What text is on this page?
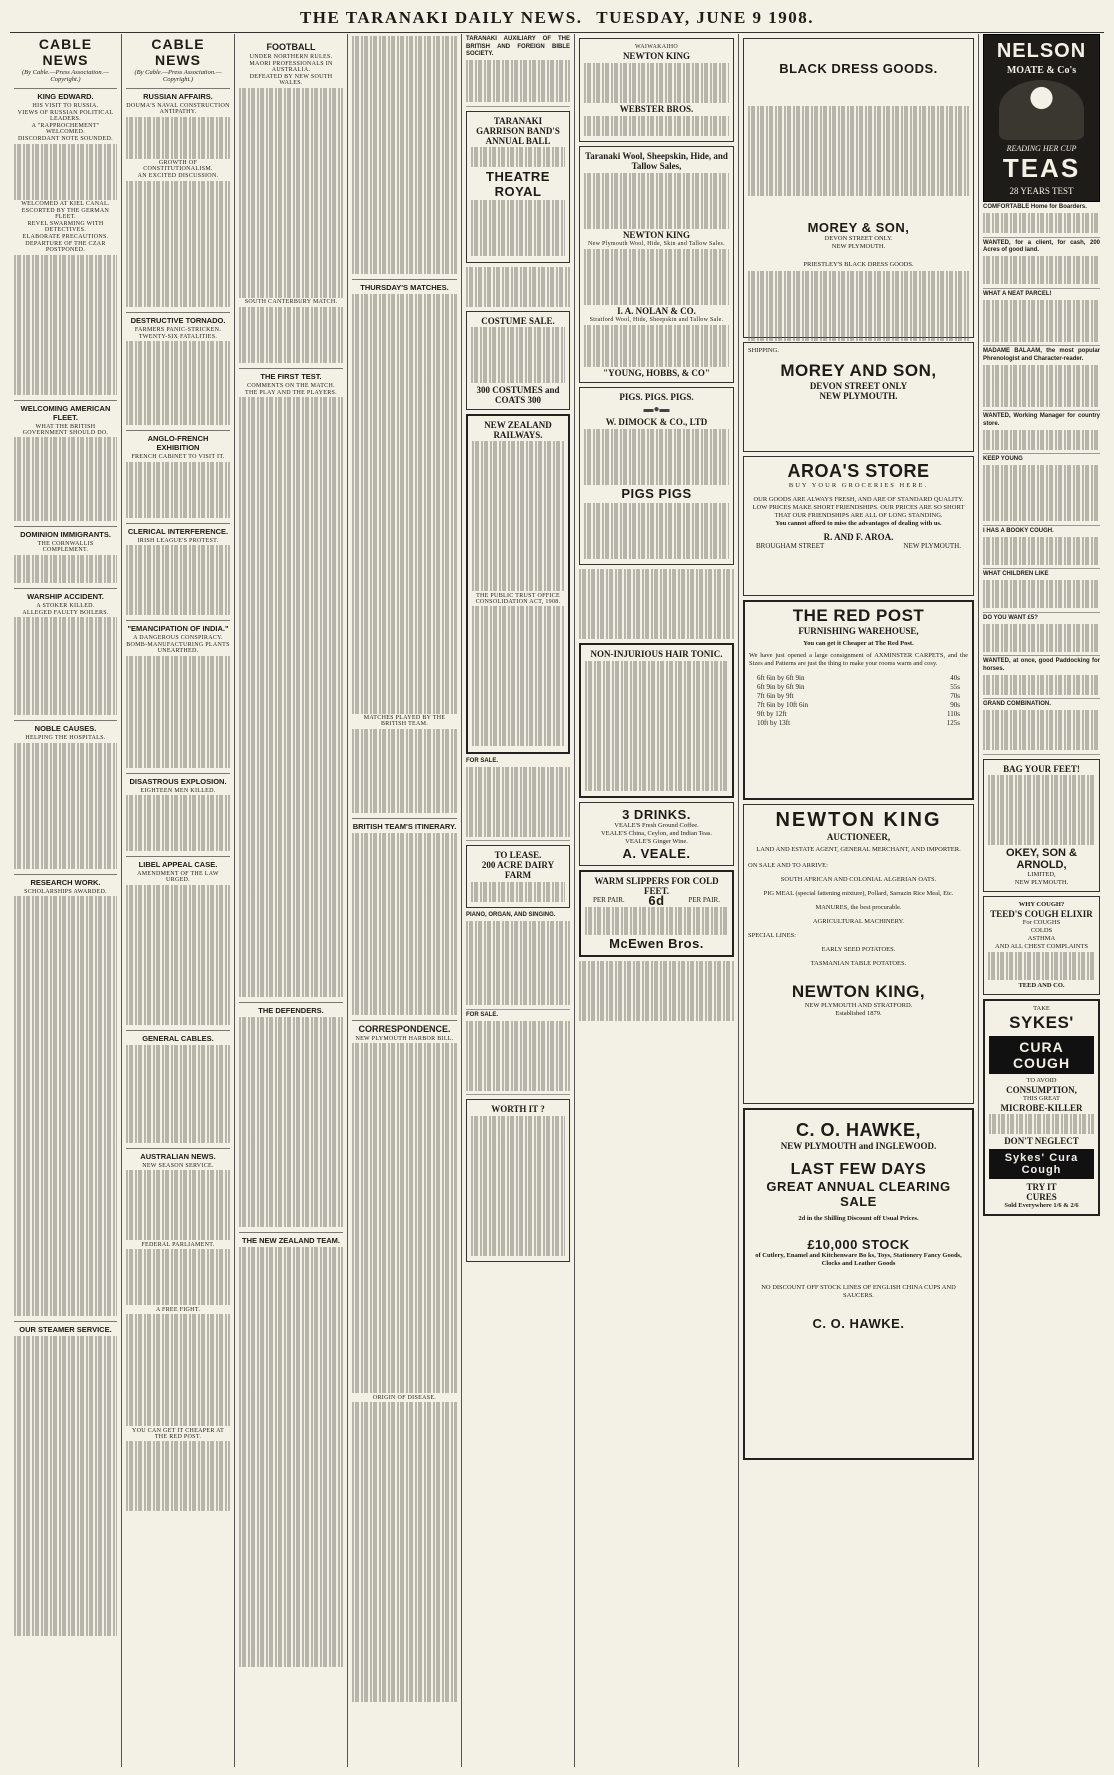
THE TARANAKI DAILY NEWS. TUESDAY, JUNE 9 1908.
CABLE NEWS
(By Cable.—Press Association.—Copyright.)
KING EDWARD.
HIS VISIT TO RUSSIA.
VIEWS OF RUSSIAN POLITICAL LEADERS.
A "RAPPROCHEMENT" WELCOMED.
DISCORDANT NOTE SOUNDED.
WELCOMED AT KIEL CANAL.
ESCORTED BY THE GERMAN FLEET.
REVEL SWARMING WITH DETECTIVES.
ELABORATE PRECAUTIONS.
DEPARTURE OF THE CZAR POSTPONED.
WELCOMING AMERICAN FLEET.
WHAT THE BRITISH GOVERNMENT SHOULD DO.
DOMINION IMMIGRANTS.
THE CORNWALLIS COMPLEMENT.
WARSHIP ACCIDENT.
A STOKER KILLED.
ALLEGED FAULTY BOILERS.
NOBLE CAUSES.
HELPING THE HOSPITALS.
RESEARCH WORK.
SCHOLARSHIPS AWARDED.
OUR STEAMER SERVICE.
CABLE NEWS
(By Cable.—Press Association.—Copyright.)
RUSSIAN AFFAIRS.
DOUMA'S NAVAL CONSTRUCTION ANTIPATHY.
GROWTH OF CONSTITUTIONALISM.
AN EXCITED DISCUSSION.
DESTRUCTIVE TORNADO.
FARMERS PANIC-STRICKEN.
TWENTY-SIX FATALITIES.
ANGLO-FRENCH EXHIBITION
FRENCH CABINET TO VISIT IT.
CLERICAL INTERFERENCE.
IRISH LEAGUE'S PROTEST.
"EMANCIPATION OF INDIA."
A DANGEROUS CONSPIRACY.
BOMB-MANUFACTURING PLANTS UNEARTHED.
DISASTROUS EXPLOSION.
EIGHTEEN MEN KILLED.
LIBEL APPEAL CASE.
AMENDMENT OF THE LAW URGED.
GENERAL CABLES.
AUSTRALIAN NEWS.
NEW SEASON SERVICE.
FEDERAL PARLIAMENT.
A FREE FIGHT.
YOU CAN GET IT CHEAPER AT THE RED POST.
FOOTBALL
UNDER NORTHERN RULES.
MAORI PROFESSIONALS IN AUSTRALIA.
DEFEATED BY NEW SOUTH WALES.
SOUTH CANTERBURY MATCH.
THE FIRST TEST.
COMMENTS ON THE MATCH.
THE PLAY AND THE PLAYERS.
THE DEFENDERS.
THE NEW ZEALAND TEAM.
THURSDAY'S MATCHES.
MATCHES PLAYED BY THE BRITISH TEAM.
BRITISH TEAM'S ITINERARY.
CORRESPONDENCE.
NEW PLYMOUTH HARBOR BILL.
ORIGIN OF DISEASE.
TARANAKI AUXILIARY OF THE BRITISH AND FOREIGN BIBLE SOCIETY.
TARANAKI GARRISON BAND'S ANNUAL BALL
THEATRE ROYAL
COSTUME SALE.
300 COSTUMES and COATS 300
NEW ZEALAND RAILWAYS.
THE PUBLIC TRUST OFFICE CONSOLIDATION ACT, 1908.
FOR SALE.
TO LEASE.
200 ACRE DAIRY FARM
PIANO, ORGAN, AND SINGING.
FOR SALE.
WORTH IT ?
WAIWAKAIHO
NEWTON KING
WEBSTER BROS.
Taranaki Wool, Sheepskin, Hide, and Tallow Sales,
NEWTON KING
New Plymouth Wool, Hide, Skin and Tallow Sales.
I. A. NOLAN & CO.
Stratford Wool, Hide, Sheepskin and Tallow Sale.
"YOUNG, HOBBS, & CO"
PIGS. PIGS. PIGS.
▬●▬
W. DIMOCK & CO., LTD
PIGS PIGS
NON-INJURIOUS HAIR TONIC.
3 DRINKS.
VEALE'S Fresh Ground Coffee.
VEALE'S China, Ceylon, and Indian Teas.
VEALE'S Ginger Wine.
A. VEALE.
WARM SLIPPERS FOR COLD FEET.
PER PAIR. 6d	PER PAIR.
McEwen Bros.
BLACK DRESS GOODS.
MOREY & SON,
DEVON STREET ONLY.
NEW PLYMOUTH.
PRIESTLEY'S BLACK DRESS GOODS.
SHIPPING.
MOREY AND SON,
DEVON STREET ONLY
NEW PLYMOUTH.
AROA'S STORE
BUY YOUR GROCERIES HERE.
OUR GOODS ARE ALWAYS FRESH, AND ARE OF STANDARD QUALITY.
LOW PRICES MAKE SHORT FRIENDSHIPS. OUR PRICES ARE SO SHORT THAT OUR FRIENDSHIPS ARE ALL OF LONG STANDING.
You cannot afford to miss the advantages of dealing with us.
R. AND F. AROA.
BROUGHAM STREET	NEW PLYMOUTH.
THE RED POST
FURNISHING WAREHOUSE,
You can get it Cheaper at The Red Post.
We have just opened a large consignment of AXMINSTER CARPETS, and the Sizes and Patterns are just the thing to make your rooms warm and cosy.
6ft 6in by 6ft 9in	40s
6ft 9in by 6ft 9in	55s
7ft 6in by 9ft	70s
7ft 6in by 10ft 6in	90s
9ft by 12ft	110s
10ft by 13ft	125s
NEWTON KING
AUCTIONEER,
LAND AND ESTATE AGENT, GENERAL MERCHANT, AND IMPORTER.
ON SALE AND TO ARRIVE:
SOUTH AFRICAN AND COLONIAL ALGERIAN OATS.
PIG MEAL (special fattening mixture), Pollard, Sarrazin Rice Meal, Etc.
MANURES, the best procurable.
AGRICULTURAL MACHINERY.
SPECIAL LINES:
EARLY SEED POTATOES.
TASMANIAN TABLE POTATOES.
NEWTON KING,
NEW PLYMOUTH AND STRATFORD.
Established 1879.
C. O. HAWKE,
NEW PLYMOUTH and INGLEWOOD.
LAST FEW DAYS
GREAT ANNUAL CLEARING SALE
2d in the Shilling Discount off Usual Prices.
£10,000 STOCK
of Cutlery, Enamel and Kitchenware Bo ks, Toys, Stationery Fancy Goods, Clocks and Leather Goods
NO DISCOUNT OFF STOCK LINES OF ENGLISH CHINA CUPS AND SAUCERS.
C. O. HAWKE.
NELSON
MOATE & Co's
READING HER CUP
TEAS
28 YEARS TEST
COMFORTABLE Home for Boarders.
WANTED, for a client, for cash, 200 Acres of good land.
WHAT A NEAT PARCEL!
MADAME BALAAM, the most popular Phrenologist and Character-reader.
WANTED, Working Manager for country store.
KEEP YOUNG
I HAS A BOOKY COUGH.
WHAT CHILDREN LIKE
DO YOU WANT £5?
WANTED, at once, good Paddocking for horses.
GRAND COMBINATION.
BAG YOUR FEET!
OKEY, SON & ARNOLD,
LIMITED,
NEW PLYMOUTH.
WHY COUGH?
TEED'S COUGH ELIXIR
For COUGHS
COLDS
ASTHMA
AND ALL CHEST COMPLAINTS
TEED AND CO.
TAKE
SYKES'
CURA COUGH
TO AVOID
CONSUMPTION,
THIS GREAT
MICROBE-KILLER
DON'T NEGLECT
Sykes' Cura Cough
TRY IT
CURES
Sold Everywhere 1/6 & 2/6
